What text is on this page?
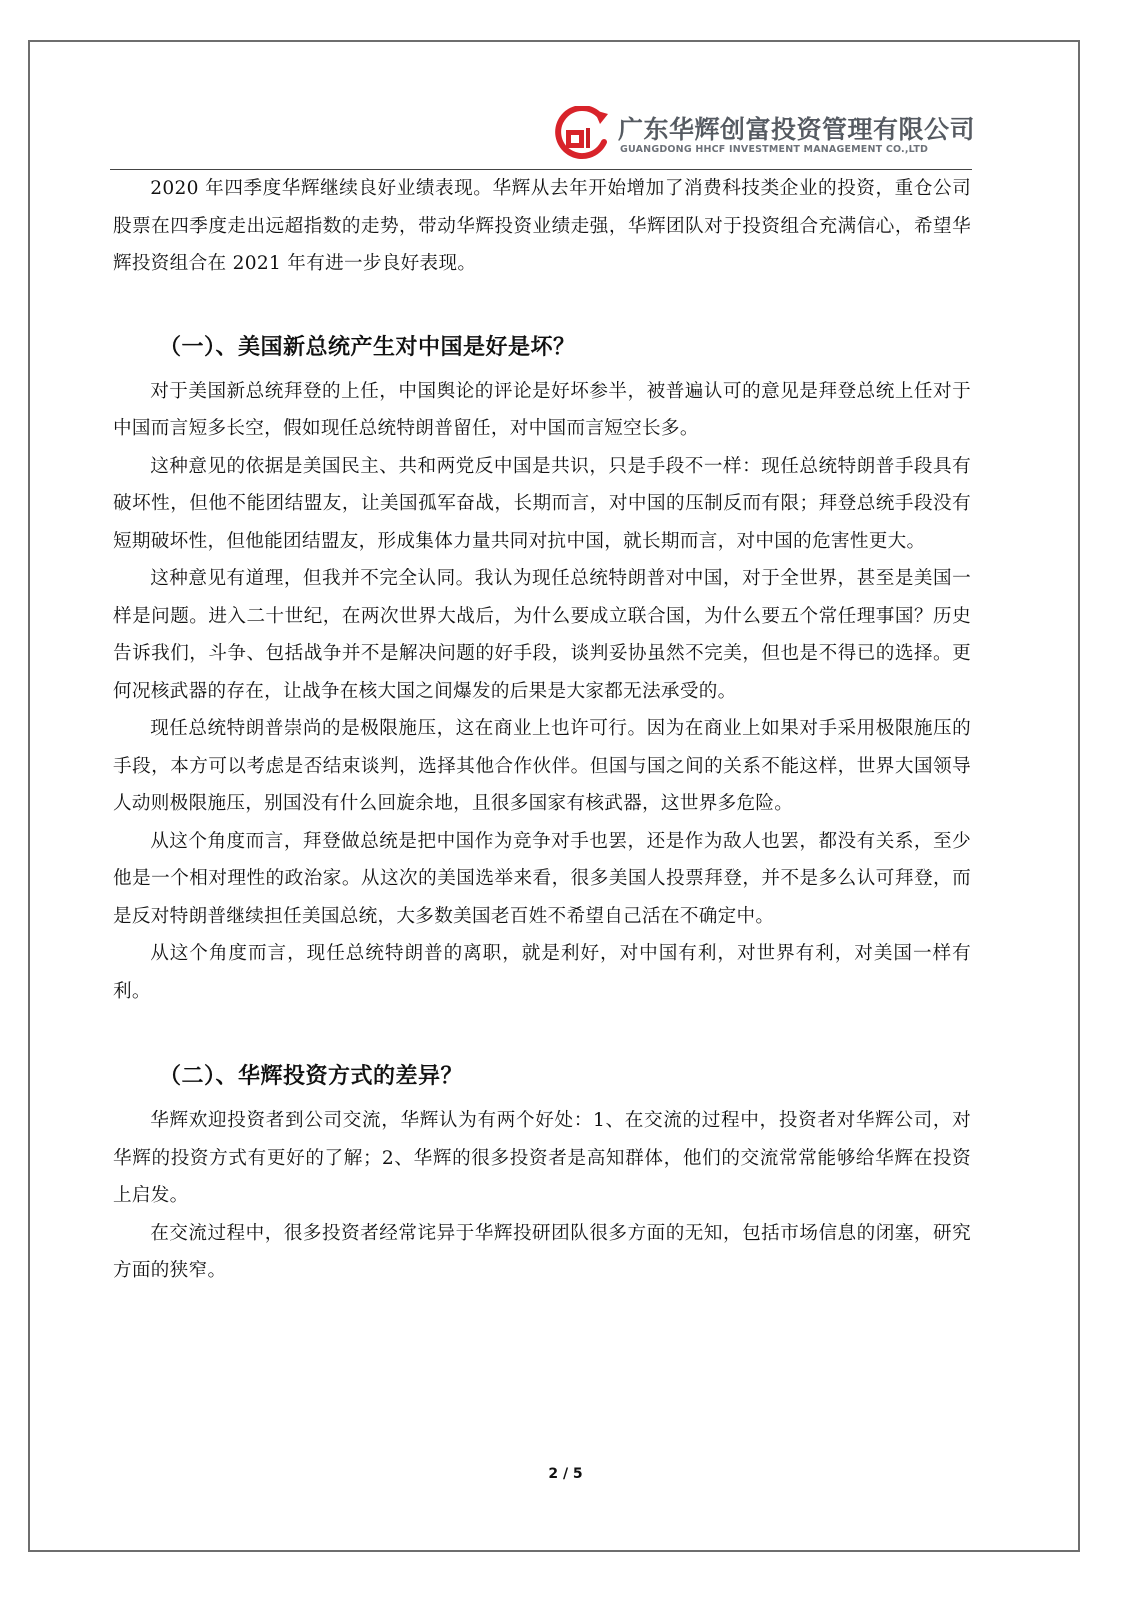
广东华辉创富投资管理有限公司
GUANGDONG HHCF INVESTMENT MANAGEMENT CO.,LTD

2020 年四季度华辉继续良好业绩表现。华辉从去年开始增加了消费科技类企业的投资，重仓公司股票在四季度走出远超指数的走势，带动华辉投资业绩走强，华辉团队对于投资组合充满信心，希望华辉投资组合在 2021 年有进一步良好表现。

（一）、美国新总统产生对中国是好是坏？

对于美国新总统拜登的上任，中国舆论的评论是好坏参半，被普遍认可的意见是拜登总统上任对于中国而言短多长空，假如现任总统特朗普留任，对中国而言短空长多。

这种意见的依据是美国民主、共和两党反中国是共识，只是手段不一样：现任总统特朗普手段具有破坏性，但他不能团结盟友，让美国孤军奋战，长期而言，对中国的压制反而有限；拜登总统手段没有短期破坏性，但他能团结盟友，形成集体力量共同对抗中国，就长期而言，对中国的危害性更大。

这种意见有道理，但我并不完全认同。我认为现任总统特朗普对中国，对于全世界，甚至是美国一样是问题。进入二十世纪，在两次世界大战后，为什么要成立联合国，为什么要五个常任理事国？历史告诉我们，斗争、包括战争并不是解决问题的好手段，谈判妥协虽然不完美，但也是不得已的选择。更何况核武器的存在，让战争在核大国之间爆发的后果是大家都无法承受的。

现任总统特朗普崇尚的是极限施压，这在商业上也许可行。因为在商业上如果对手采用极限施压的手段，本方可以考虑是否结束谈判，选择其他合作伙伴。但国与国之间的关系不能这样，世界大国领导人动则极限施压，别国没有什么回旋余地，且很多国家有核武器，这世界多危险。

从这个角度而言，拜登做总统是把中国作为竞争对手也罢，还是作为敌人也罢，都没有关系，至少他是一个相对理性的政治家。从这次的美国选举来看，很多美国人投票拜登，并不是多么认可拜登，而是反对特朗普继续担任美国总统，大多数美国老百姓不希望自己活在不确定中。

从这个角度而言，现任总统特朗普的离职，就是利好，对中国有利，对世界有利，对美国一样有利。

（二）、华辉投资方式的差异？

华辉欢迎投资者到公司交流，华辉认为有两个好处：1、在交流的过程中，投资者对华辉公司，对华辉的投资方式有更好的了解；2、华辉的很多投资者是高知群体，他们的交流常常能够给华辉在投资上启发。

在交流过程中，很多投资者经常诧异于华辉投研团队很多方面的无知，包括市场信息的闭塞，研究方面的狭窄。

2 / 5
